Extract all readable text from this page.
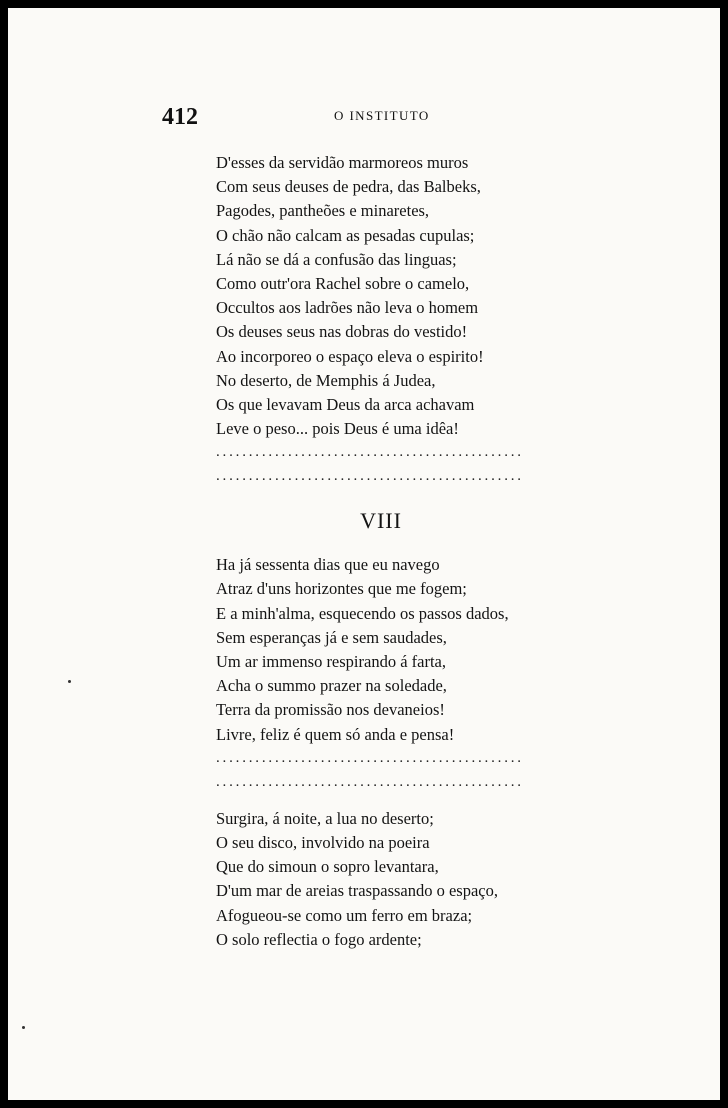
412	O INSTITUTO
D'esses da servidão marmoreos muros
Com seus deuses de pedra, das Balbeks,
Pagodes, pantheões e minaretes,
O chão não calcam as pesadas cupulas;
Lá não se dá a confusão das linguas;
Como outr'ora Rachel sobre o camelo,
Occultos aos ladrões não leva o homem
Os deuses seus nas dobras do vestido!
Ao incorporeo o espaço eleva o espirito!
No deserto, de Memphis á Judea,
Os que levavam Deus da arca achavam
Leve o peso... pois Deus é uma idêa!
...............................................
...............................................
VIII
Ha já sessenta dias que eu navego
Atraz d'uns horizontes que me fogem;
E a minh'alma, esquecendo os passos dados,
Sem esperanças já e sem saudades,
Um ar immenso respirando á farta,
Acha o summo prazer na soledade,
Terra da promissão nos devaneios!
Livre, feliz é quem só anda e pensa!
...............................................
...............................................
Surgira, á noite, a lua no deserto;
O seu disco, involvido na poeira
Que do simoun o sopro levantara,
D'um mar de areias traspassando o espaço,
Afogueou-se como um ferro em braza;
O solo reflectia o fogo ardente;
